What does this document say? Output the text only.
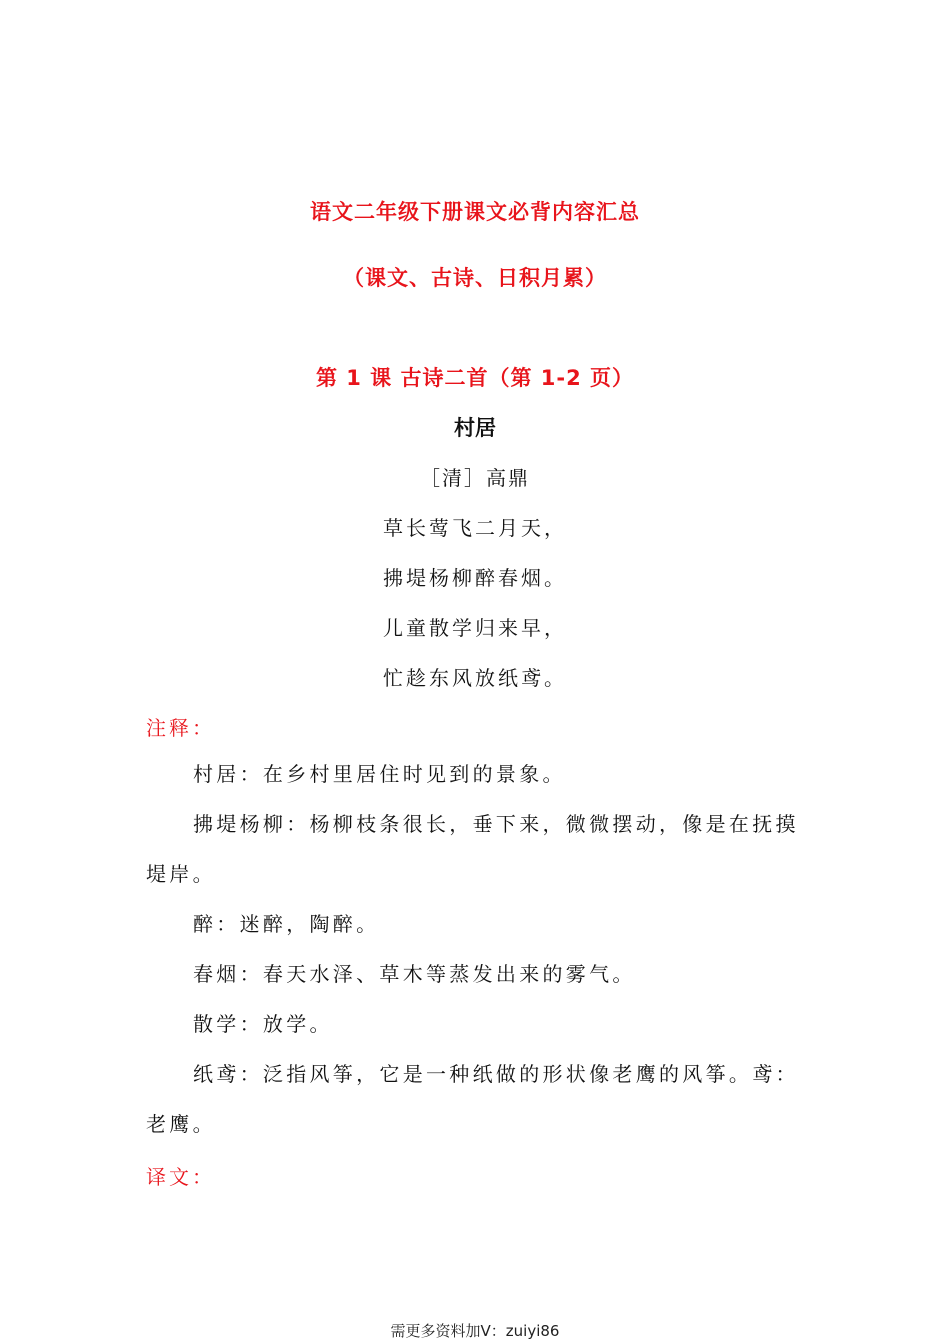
语文二年级下册课文必背内容汇总
（课文、古诗、日积月累）
第 1 课 古诗二首（第 1-2 页）
村居
［清］高鼎
草长莺飞二月天，
拂堤杨柳醉春烟。
儿童散学归来早，
忙趁东风放纸鸢。
注释：
村居：在乡村里居住时见到的景象。
拂堤杨柳：杨柳枝条很长，垂下来，微微摆动，像是在抚摸堤岸。
醉：迷醉，陶醉。
春烟：春天水泽、草木等蒸发出来的雾气。
散学：放学。
纸鸢：泛指风筝，它是一种纸做的形状像老鹰的风筝。鸢：老鹰。
译文：
需更多资料加V：zuiyi86
